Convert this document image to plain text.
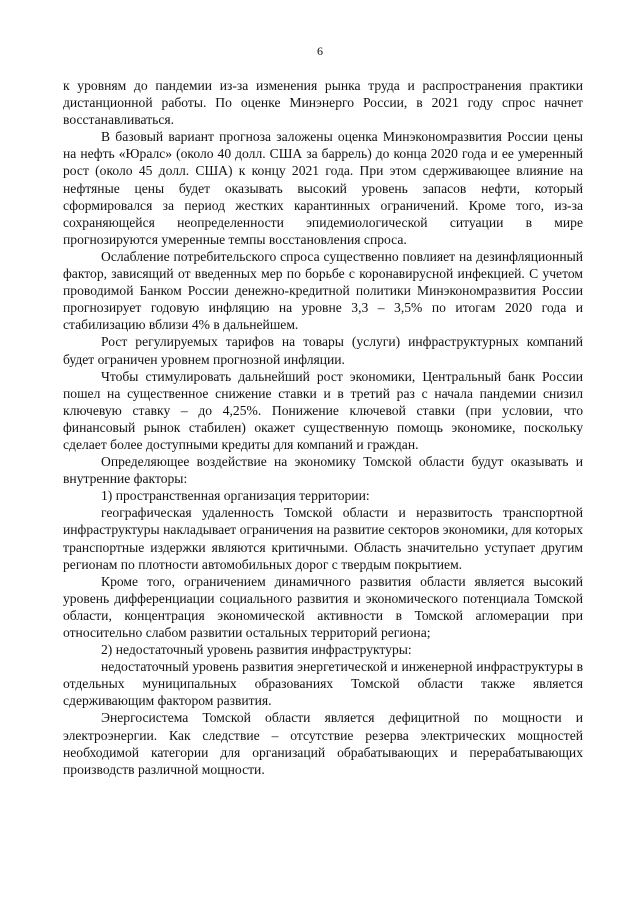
6

к уровням до пандемии из-за изменения рынка труда и распространения практики дистанционной работы. По оценке Минэнерго России, в 2021 году спрос начнет восстанавливаться.

В базовый вариант прогноза заложены оценка Минэкономразвития России цены на нефть «Юралс» (около 40 долл. США за баррель) до конца 2020 года и ее умеренный рост (около 45 долл. США) к концу 2021 года. При этом сдерживающее влияние на нефтяные цены будет оказывать высокий уровень запасов нефти, который сформировался за период жестких карантинных ограничений. Кроме того, из-за сохраняющейся неопределенности эпидемиологической ситуации в мире прогнозируются умеренные темпы восстановления спроса.

Ослабление потребительского спроса существенно повлияет на дезинфляционный фактор, зависящий от введенных мер по борьбе с коронавирусной инфекцией. С учетом проводимой Банком России денежно-кредитной политики Минэкономразвития России прогнозирует годовую инфляцию на уровне 3,3 – 3,5% по итогам 2020 года и стабилизацию вблизи 4% в дальнейшем.

Рост регулируемых тарифов на товары (услуги) инфраструктурных компаний будет ограничен уровнем прогнозной инфляции.

Чтобы стимулировать дальнейший рост экономики, Центральный банк России пошел на существенное снижение ставки и в третий раз с начала пандемии снизил ключевую ставку – до 4,25%. Понижение ключевой ставки (при условии, что финансовый рынок стабилен) окажет существенную помощь экономике, поскольку сделает более доступными кредиты для компаний и граждан.

Определяющее воздействие на экономику Томской области будут оказывать и внутренние факторы:

1) пространственная организация территории:

географическая удаленность Томской области и неразвитость транспортной инфраструктуры накладывает ограничения на развитие секторов экономики, для которых транспортные издержки являются критичными. Область значительно уступает другим регионам по плотности автомобильных дорог с твердым покрытием.

Кроме того, ограничением динамичного развития области является высокий уровень дифференциации социального развития и экономического потенциала Томской области, концентрация экономической активности в Томской агломерации при относительно слабом развитии остальных территорий региона;

2) недостаточный уровень развития инфраструктуры:

недостаточный уровень развития энергетической и инженерной инфраструктуры в отдельных муниципальных образованиях Томской области также является сдерживающим фактором развития.

Энергосистема Томской области является дефицитной по мощности и электроэнергии. Как следствие – отсутствие резерва электрических мощностей необходимой категории для организаций обрабатывающих и перерабатывающих производств различной мощности.
